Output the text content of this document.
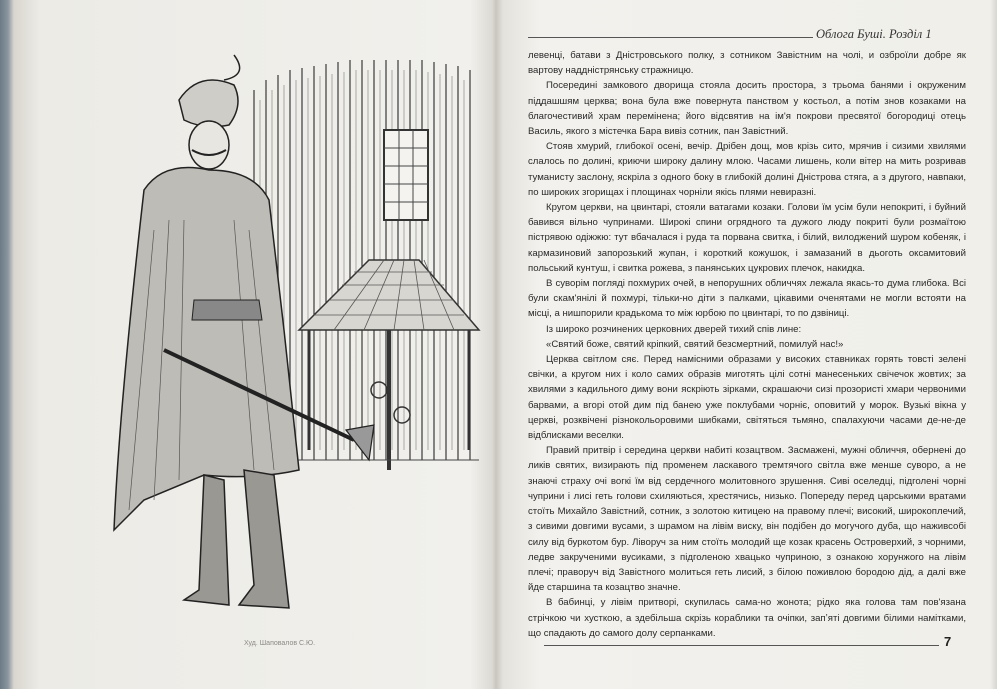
Худ. Шаповалов С.Ю.
Облога Буші. Розділ 1

левенці, батави з Дністровського полку, з сотником Завістним на чолі, и озброїли добре як вартову наддністрянську стражницю.

Посередині замкового дворища стояла досить простора, з трьома банями і окруженим піддашшям церква; вона була вже повернута панством у костьол, а потім знов козаками на благочестивий храм перемінена; його відсвятив на ім'я покрови пресвятої богородиці отець Василь, якого з містечка Бара вивіз сотник, пан Завістний.

Стояв хмурий, глибокої осені, вечір. Дрібен дощ, мов крізь сито, мрячив і сизими хвилями слалось по долині, криючи широку далину млою. Часами лишень, коли вітер на мить розривав туманисту заслону, яскріла з одного боку в глибокій долині Дністрова стяга, а з другого, навпаки, по широких згорищах і площинах чорніли якісь плями невиразні.

Кругом церкви, на цвинтарі, стояли ватагами козаки. Голови їм усім були непокриті, і буйний бавився вільно чупринами. Широкі спини огрядного та дужого люду покриті були розмаїтою пістрявою одіжжю: тут вбачалася і руда та порвана свитка, і білий, вилоджений шуром кобеняк, і кармазиновий запорозький жупан, і короткий кожушок, і замазаний в дьоготь оксамитовий польський кунтуш, і свитка рожева, з панянських цукрових плечок, накидка.

В суворім погляді похмурих очей, в непорушних обличчях лежала якась-то дума глибока. Всі були скам'янілі й похмурі, тільки-но діти з палками, цікавими оченятами не могли встояти на місці, а нишпорили крадькома то між юрбою по цвинтарі, то по дзвіниці.

Із широко розчинених церковних дверей тихий спів лине:

«Святий боже, святий кріпкий, святий безсмертний, помилуй нас!»

Церква світлом сяє. Перед намісними образами у високих ставниках горять товсті зелені свічки, а кругом них і коло самих образів миготять цілі сотні манесеньких свічечок жовтих; за хвилями з кадильного диму вони яскріють зірками, скрашаючи сизі прозористі хмари червоними барвами, а вгорі отой дим під банею уже поклубами чорніє, оповитий у морок. Вузькі вікна у церкві, розквічені різнокольоровими шибками, світяться тьмяно, спалахуючи часами де-не-де відблисками веселки.

Правий притвір і середина церкви набиті козацтвом. Засмажені, мужні обличчя, обернені до ликів святих, визирають під променем ласкавого тремтячого світла вже менше суворо, а не знаючі страху очі вогкі їм від сердечного молитовного зрушення. Сиві оселедці, підголені чорні чуприни і лисі геть голови схиляються, хрестячись, низько. Попереду перед царськими вратами стоїть Михайло Завістний, сотник, з золотою китицею на правому плечі; високий, широкоплечий, з сивими довгими вусами, з шрамом на лівім виску, він подібен до могучого дуба, що наживсобі силу від буркотом бур. Ліворуч за ним стоїть молодий ще козак красень Островерхий, з чорними, ледве закрученими вусиками, з підголеною хвацько чуприною, з ознакою хорунжого на лівім плечі; праворуч від Завістного молиться геть лисий, з білою поживлою бородою дід, а далі вже йде старшина та козацтво значне.

В бабинці, у лівім притворі, скупилась сама-но жонота; рідко яка голова там пов'язана стрічкою чи хусткою, а здебільша скрізь кораблики та очіпки, запʼяті довгими білими намітками, що спадають до самого долу серпанками.

7
